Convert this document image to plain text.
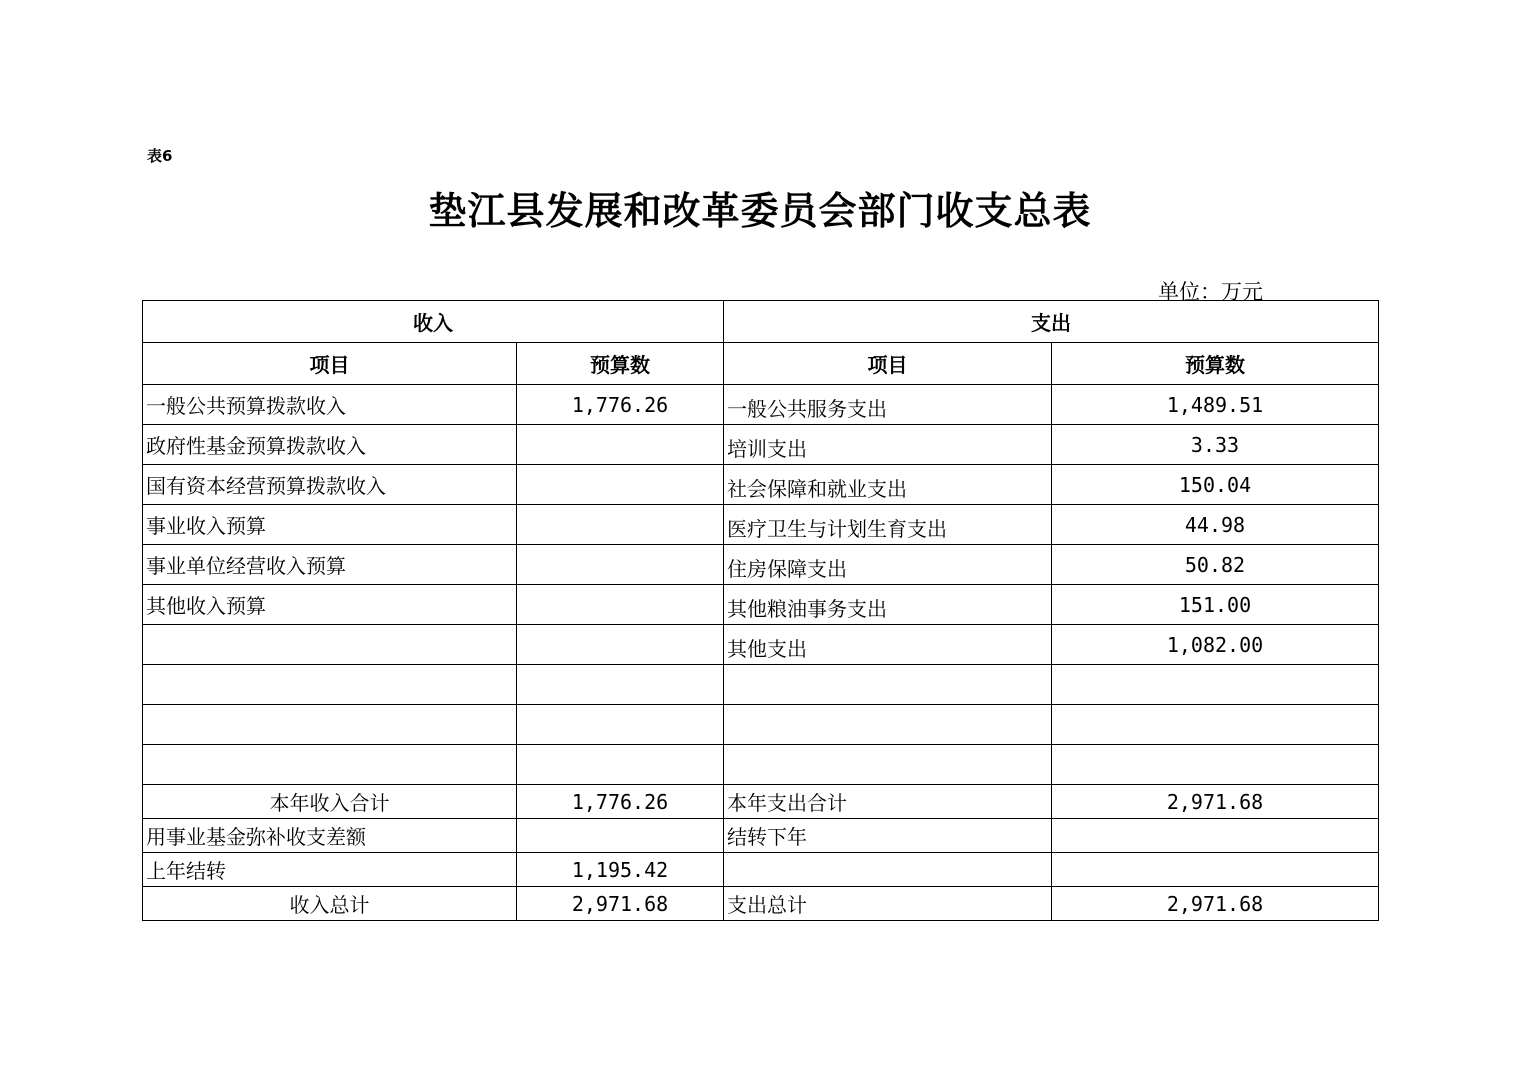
表6
垫江县发展和改革委员会部门收支总表
单位：万元
收入		支出	
项目	预算数	项目	预算数
一般公共预算拨款收入	1,776.26	一般公共服务支出	1,489.51
政府性基金预算拨款收入		培训支出	3.33
国有资本经营预算拨款收入		社会保障和就业支出	150.04
事业收入预算		医疗卫生与计划生育支出	44.98
事业单位经营收入预算		住房保障支出	50.82
其他收入预算		其他粮油事务支出	151.00
		其他支出	1,082.00

本年收入合计	1,776.26	本年支出合计	2,971.68
用事业基金弥补收支差额		结转下年	
上年结转	1,195.42		
收入总计	2,971.68	支出总计	2,971.68
